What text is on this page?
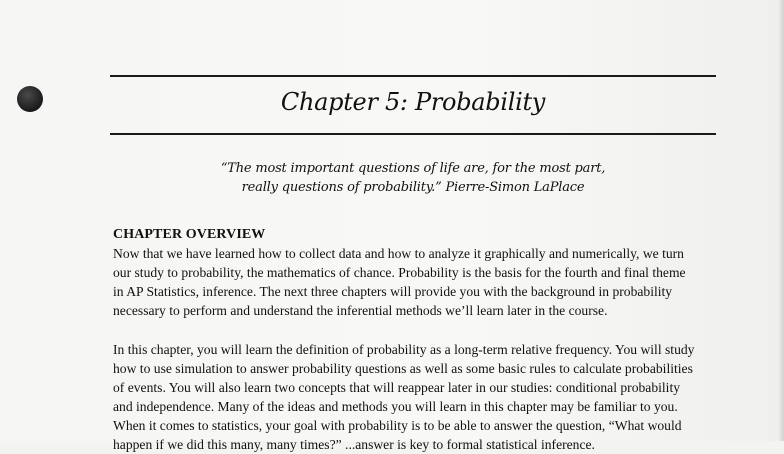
Chapter 5: Probability

“The most important questions of life are, for the most part,
really questions of probability.” Pierre-Simon LaPlace

CHAPTER OVERVIEW

Now that we have learned how to collect data and how to analyze it graphically and numerically, we turn
our study to probability, the mathematics of chance. Probability is the basis for the fourth and final theme
in AP Statistics, inference. The next three chapters will provide you with the background in probability
necessary to perform and understand the inferential methods we’ll learn later in the course.

In this chapter, you will learn the definition of probability as a long-term relative frequency. You will study
how to use simulation to answer probability questions as well as some basic rules to calculate probabilities
of events. You will also learn two concepts that will reappear later in our studies: conditional probability
and independence. Many of the ideas and methods you will learn in this chapter may be familiar to you.
When it comes to statistics, your goal with probability is to be able to answer the question, “What would
happen if we did this many, many times?” ...answer is key to formal statistical inference.
